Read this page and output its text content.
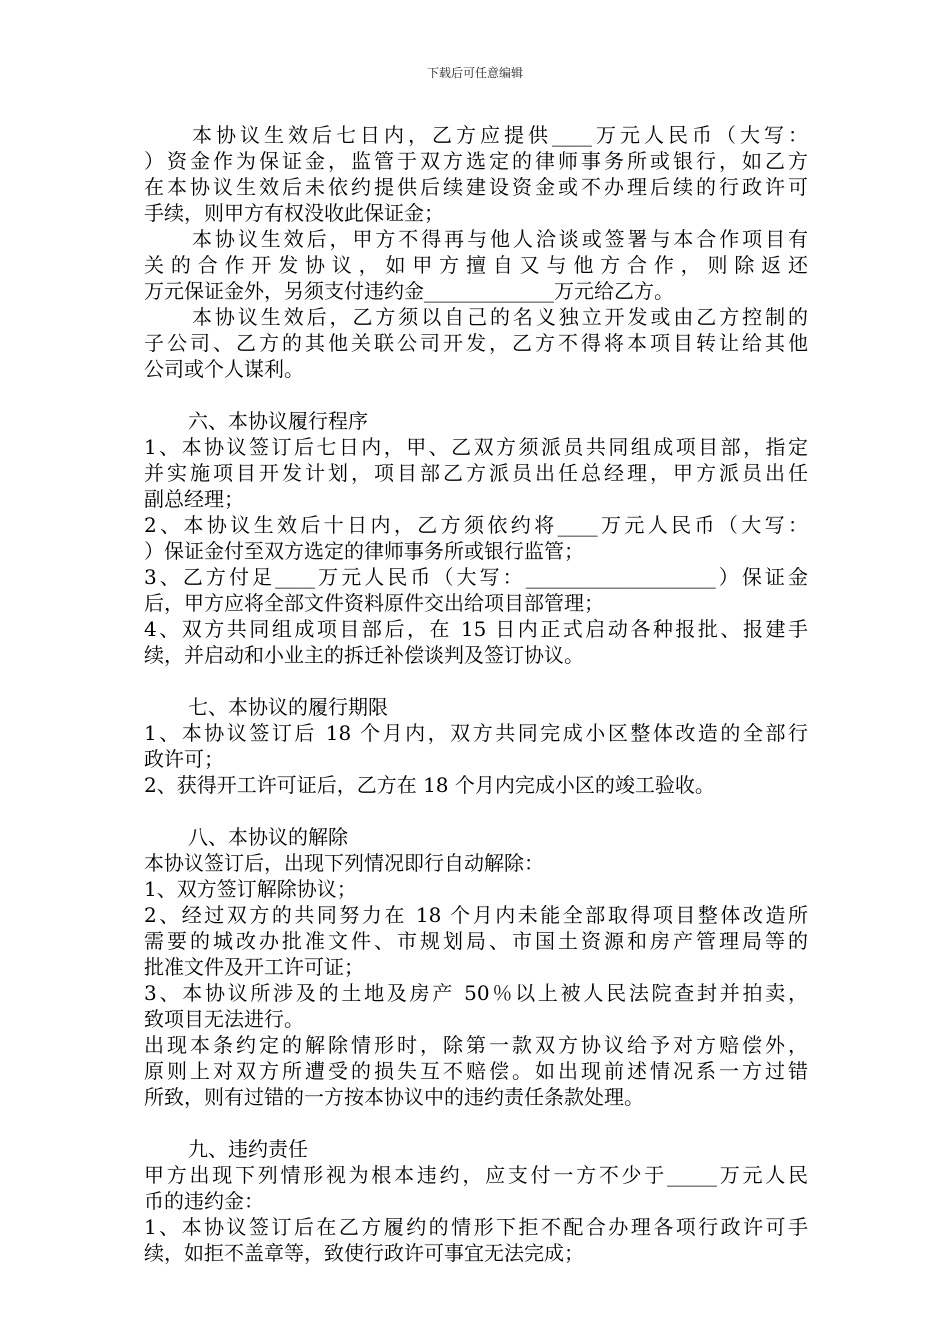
下载后可任意编辑
本协议生效后七日内，乙方应提供____万元人民币（大写：
）资金作为保证金，监管于双方选定的律师事务所或银行，如乙方
在本协议生效后未依约提供后续建设资金或不办理后续的行政许可
手续，则甲方有权没收此保证金；
本协议生效后，甲方不得再与他人洽谈或签署与本合作项目有
关的合作开发协议，如甲方擅自又与他方合作，则除返还
万元保证金外，另须支付违约金_____________万元给乙方。
本协议生效后，乙方须以自己的名义独立开发或由乙方控制的
子公司、乙方的其他关联公司开发，乙方不得将本项目转让给其他
公司或个人谋利。
六、本协议履行程序
1、本协议签订后七日内，甲、乙双方须派员共同组成项目部，指定
并实施项目开发计划，项目部乙方派员出任总经理，甲方派员出任
副总经理；
2、本协议生效后十日内，乙方须依约将____万元人民币（大写：
）保证金付至双方选定的律师事务所或银行监管；
3、乙方付足____万元人民币（大写：___________________）保证金
后，甲方应将全部文件资料原件交出给项目部管理；
4、双方共同组成项目部后，在 15 日内正式启动各种报批、报建手
续，并启动和小业主的拆迁补偿谈判及签订协议。
七、本协议的履行期限
1、本协议签订后 18 个月内，双方共同完成小区整体改造的全部行
政许可；
2、获得开工许可证后，乙方在 18 个月内完成小区的竣工验收。
八、本协议的解除
本协议签订后，出现下列情况即行自动解除：
1、双方签订解除协议；
2、经过双方的共同努力在 18 个月内未能全部取得项目整体改造所
需要的城改办批准文件、市规划局、市国土资源和房产管理局等的
批准文件及开工许可证；
3、本协议所涉及的土地及房产 50％以上被人民法院查封并拍卖，
致项目无法进行。
出现本条约定的解除情形时，除第一款双方协议给予对方赔偿外，
原则上对双方所遭受的损失互不赔偿。如出现前述情况系一方过错
所致，则有过错的一方按本协议中的违约责任条款处理。
九、违约责任
甲方出现下列情形视为根本违约，应支付一方不少于_____万元人民
币的违约金：
1、本协议签订后在乙方履约的情形下拒不配合办理各项行政许可手
续，如拒不盖章等，致使行政许可事宜无法完成；
